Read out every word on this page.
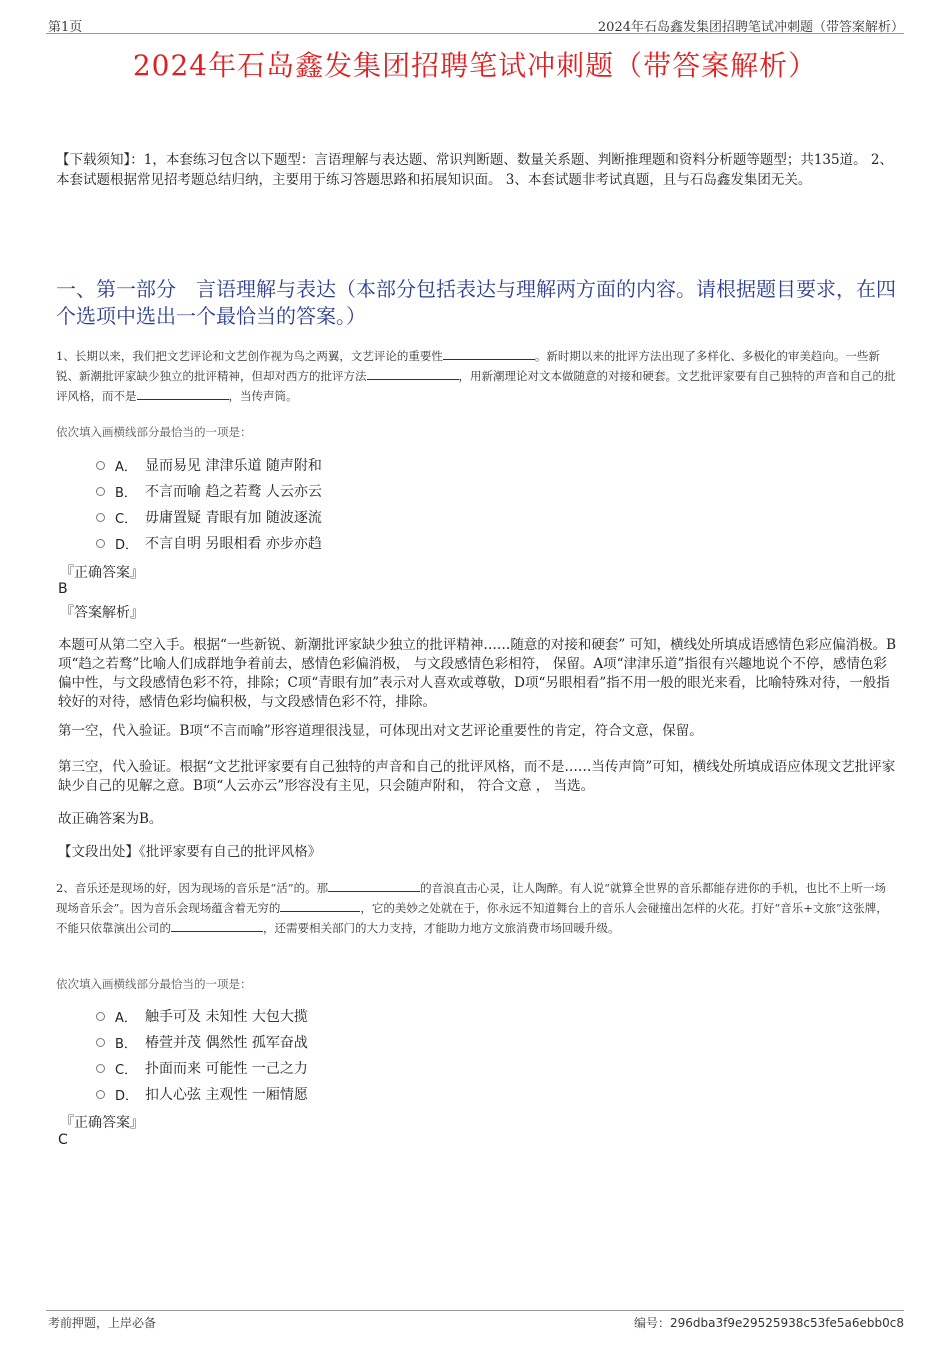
第1页	2024年石岛鑫发集团招聘笔试冲刺题（带答案解析）
2024年石岛鑫发集团招聘笔试冲刺题（带答案解析）
【下载须知】：1，本套练习包含以下题型：言语理解与表达题、常识判断题、数量关系题、判断推理题和资料分析题等题型；共135道。 2、本套试题根据常见招考题总结归纳，主要用于练习答题思路和拓展知识面。 3、本套试题非考试真题，且与石岛鑫发集团无关。
一、第一部分　言语理解与表达（本部分包括表达与理解两方面的内容。请根据题目要求，在四个选项中选出一个最恰当的答案。）
1、长期以来，我们把文艺评论和文艺创作视为鸟之两翼，文艺评论的重要性	。新时期以来的批评方法出现了多样化、多极化的审美趋向。一些新锐、新潮批评家缺少独立的批评精神，但却对西方的批评方法	，用新潮理论对文本做随意的对接和硬套。文艺批评家要有自己独特的声音和自己的批评风格，而不是	，当传声筒。
依次填入画横线部分最恰当的一项是：
A． 显而易见 津津乐道 随声附和
B． 不言而喻 趋之若鹜 人云亦云
C． 毋庸置疑 青眼有加 随波逐流
D． 不言自明 另眼相看 亦步亦趋
『正确答案』
B
『答案解析』
本题可从第二空入手。根据“一些新锐、新潮批评家缺少独立的批评精神……随意的对接和硬套” 可知，横线处所填成语感情色彩应偏消极。B项“趋之若鹜”比喻人们成群地争着前去，感情色彩偏消极， 与文段感情色彩相符， 保留。A项“津津乐道”指很有兴趣地说个不停，感情色彩偏中性，与文段感情色彩不符，排除；C项“青眼有加”表示对人喜欢或尊敬，D项“另眼相看”指不用一般的眼光来看，比喻特殊对待，一般指较好的对待，感情色彩均偏积极，与文段感情色彩不符，排除。
第一空，代入验证。B项“不言而喻”形容道理很浅显，可体现出对文艺评论重要性的肯定，符合文意，保留。
第三空，代入验证。根据“文艺批评家要有自己独特的声音和自己的批评风格，而不是……当传声筒”可知，横线处所填成语应体现文艺批评家缺少自己的见解之意。B项“人云亦云”形容没有主见，只会随声附和， 符合文意 ， 当选。
故正确答案为B。
【文段出处】《批评家要有自己的批评风格》
2、音乐还是现场的好，因为现场的音乐是“活”的。那	的音浪直击心灵，让人陶醉。有人说“就算全世界的音乐都能存进你的手机，也比不上听一场现场音乐会”。因为音乐会现场蕴含着无穷的	，它的美妙之处就在于，你永远不知道舞台上的音乐人会碰撞出怎样的火花。打好“音乐+文旅”这张牌，不能只依靠演出公司的	，还需要相关部门的大力支持，才能助力地方文旅消费市场回暖升级。
依次填入画横线部分最恰当的一项是：
A． 触手可及 未知性 大包大揽
B． 椿萱并茂 偶然性 孤军奋战
C． 扑面而来 可能性 一己之力
D． 扣人心弦 主观性 一厢情愿
『正确答案』
C
考前押题，上岸必备	编号：296dba3f9e29525938c53fe5a6ebb0c8
